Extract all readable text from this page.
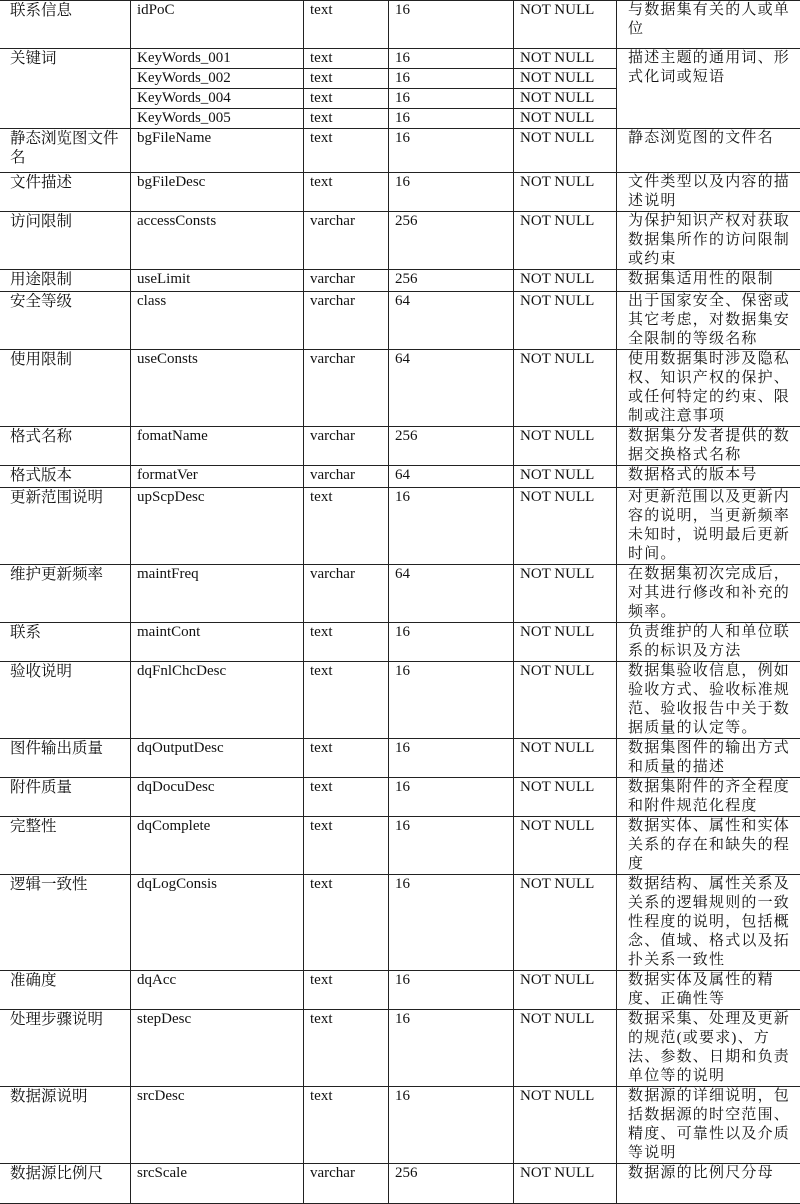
联系信息	idPoC	text	16	NOT NULL	与数据集有关的人或单位
关键词	KeyWords_001	text	16	NOT NULL	描述主题的通用词、形式化词或短语
KeyWords_002	text	16	NOT NULL
KeyWords_004	text	16	NOT NULL
KeyWords_005	text	16	NOT NULL
静态浏览图文件名	bgFileName	text	16	NOT NULL	静态浏览图的文件名
文件描述	bgFileDesc	text	16	NOT NULL	文件类型以及内容的描述说明
访问限制	accessConsts	varchar	256	NOT NULL	为保护知识产权对获取数据集所作的访问限制或约束
用途限制	useLimit	varchar	256	NOT NULL	数据集适用性的限制
安全等级	class	varchar	64	NOT NULL	出于国家安全、保密或其它考虑，对数据集安全限制的等级名称
使用限制	useConsts	varchar	64	NOT NULL	使用数据集时涉及隐私权、知识产权的保护、或任何特定的约束、限制或注意事项
格式名称	fomatName	varchar	256	NOT NULL	数据集分发者提供的数据交换格式名称
格式版本	formatVer	varchar	64	NOT NULL	数据格式的版本号
更新范围说明	upScpDesc	text	16	NOT NULL	对更新范围以及更新内容的说明，当更新频率未知时，说明最后更新时间。
维护更新频率	maintFreq	varchar	64	NOT NULL	在数据集初次完成后，对其进行修改和补充的频率。
联系	maintCont	text	16	NOT NULL	负责维护的人和单位联系的标识及方法
验收说明	dqFnlChcDesc	text	16	NOT NULL	数据集验收信息，例如验收方式、验收标准规范、验收报告中关于数据质量的认定等。
图件输出质量	dqOutputDesc	text	16	NOT NULL	数据集图件的输出方式和质量的描述
附件质量	dqDocuDesc	text	16	NOT NULL	数据集附件的齐全程度和附件规范化程度
完整性	dqComplete	text	16	NOT NULL	数据实体、属性和实体关系的存在和缺失的程度
逻辑一致性	dqLogConsis	text	16	NOT NULL	数据结构、属性关系及关系的逻辑规则的一致性程度的说明，包括概念、值域、格式以及拓扑关系一致性
准确度	dqAcc	text	16	NOT NULL	数据实体及属性的精度、正确性等
处理步骤说明	stepDesc	text	16	NOT NULL	数据采集、处理及更新的规范(或要求)、方法、参数、日期和负责单位等的说明
数据源说明	srcDesc	text	16	NOT NULL	数据源的详细说明，包括数据源的时空范围、精度、可靠性以及介质等说明
数据源比例尺	srcScale	varchar	256	NOT NULL	数据源的比例尺分母
